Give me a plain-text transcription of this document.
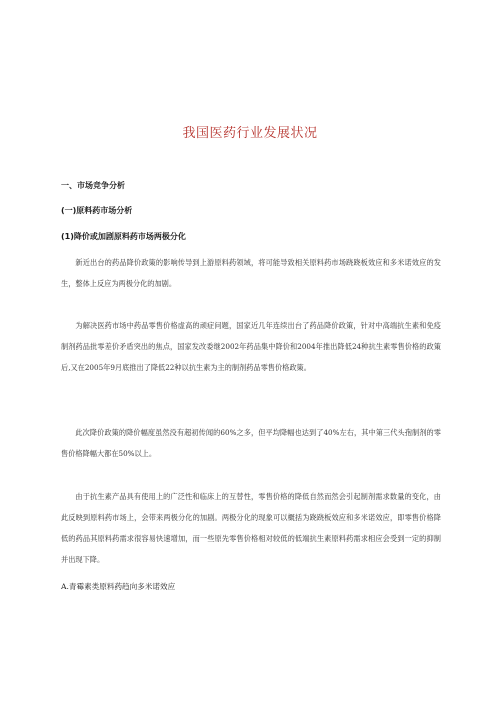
我国医药行业发展状况
一、市场竞争分析
(一)原料药市场分析
(1)降价或加剧原料药市场两极分化

新近出台的药品降价政策的影响传导到上游原料药领域，将可能导致相关原料药市场跷跷板效应和多米诺效应的发生，整体上反应为两极分化的加剧。

为解决医药市场中药品零售价格虚高的顽症问题，国家近几年连续出台了药品降价政策，针对中高端抗生素和免疫制剂药品批零差价矛盾突出的焦点，国家发改委继2002年药品集中降价和2004年推出降低24种抗生素零售价格的政策后,又在2005年9月底推出了降低22种以抗生素为主的制剂药品零售价格政策。

此次降价政策的降价幅度虽然没有超初传闻的60%之多，但平均降幅也达到了40%左右，其中第三代头孢制剂的零售价格降幅大都在50%以上。

由于抗生素产品具有使用上的广泛性和临床上的互替性，零售价格的降低自然而然会引起制剂需求数量的变化，由此反映到原料药市场上，会带来两极分化的加剧。两极分化的现象可以概括为跷跷板效应和多米诺效应，即零售价格降低的药品其原料药需求很容易快速增加，而一些原先零售价格相对较低的低端抗生素原料药需求相应会受到一定的抑制并出现下降。

A.青霉素类原料药趋向多米诺效应
